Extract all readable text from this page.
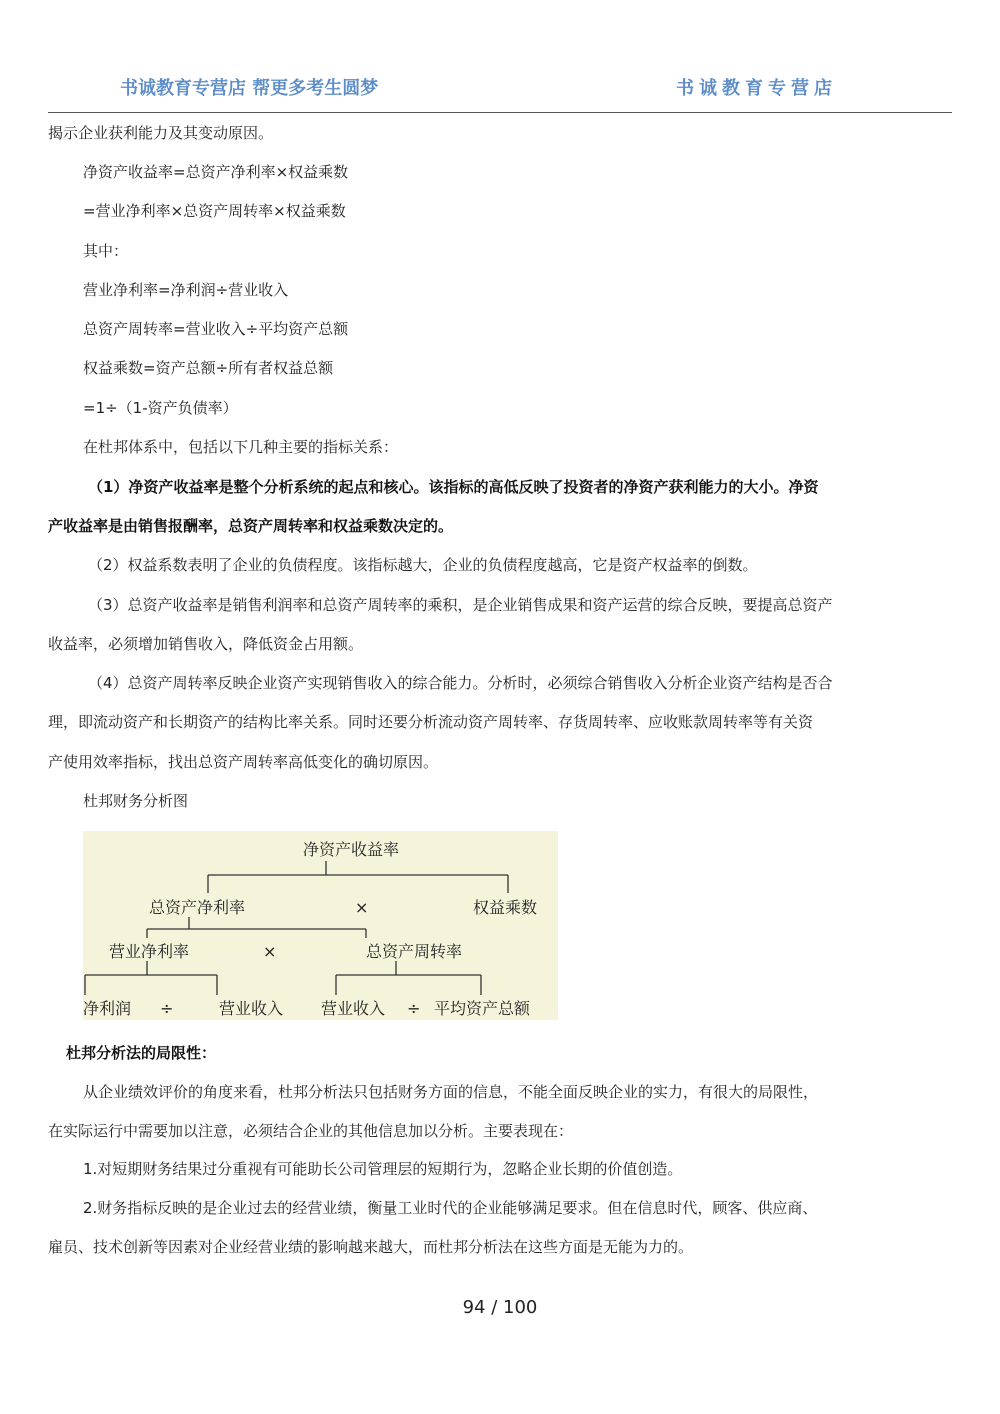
书诚教育专营店 帮更多考生圆梦	书诚教育专营店
揭示企业获利能力及其变动原因。
净资产收益率=总资产净利率×权益乘数
=营业净利率×总资产周转率×权益乘数
其中：
营业净利率=净利润÷营业收入
总资产周转率=营业收入÷平均资产总额
权益乘数=资产总额÷所有者权益总额
=1÷（1-资产负债率）
在杜邦体系中，包括以下几种主要的指标关系：
（1）净资产收益率是整个分析系统的起点和核心。该指标的高低反映了投资者的净资产获利能力的大小。净资
产收益率是由销售报酬率，总资产周转率和权益乘数决定的。
（2）权益系数表明了企业的负债程度。该指标越大，企业的负债程度越高，它是资产权益率的倒数。
（3）总资产收益率是销售利润率和总资产周转率的乘积，是企业销售成果和资产运营的综合反映，要提高总资产
收益率，必须增加销售收入，降低资金占用额。
（4）总资产周转率反映企业资产实现销售收入的综合能力。分析时，必须综合销售收入分析企业资产结构是否合
理，即流动资产和长期资产的结构比率关系。同时还要分析流动资产周转率、存货周转率、应收账款周转率等有关资
产使用效率指标，找出总资产周转率高低变化的确切原因。
杜邦财务分析图
净资产收益率
总资产净利率	×	权益乘数
营业净利率	×	总资产周转率
净利润 ÷	营业收入 营业收入 ÷ 平均资产总额
杜邦分析法的局限性：
从企业绩效评价的角度来看，杜邦分析法只包括财务方面的信息，不能全面反映企业的实力，有很大的局限性，
在实际运行中需要加以注意，必须结合企业的其他信息加以分析。主要表现在：
1.对短期财务结果过分重视有可能助长公司管理层的短期行为，忽略企业长期的价值创造。
2.财务指标反映的是企业过去的经营业绩，衡量工业时代的企业能够满足要求。但在信息时代，顾客、供应商、
雇员、技术创新等因素对企业经营业绩的影响越来越大，而杜邦分析法在这些方面是无能为力的。
94 / 100
